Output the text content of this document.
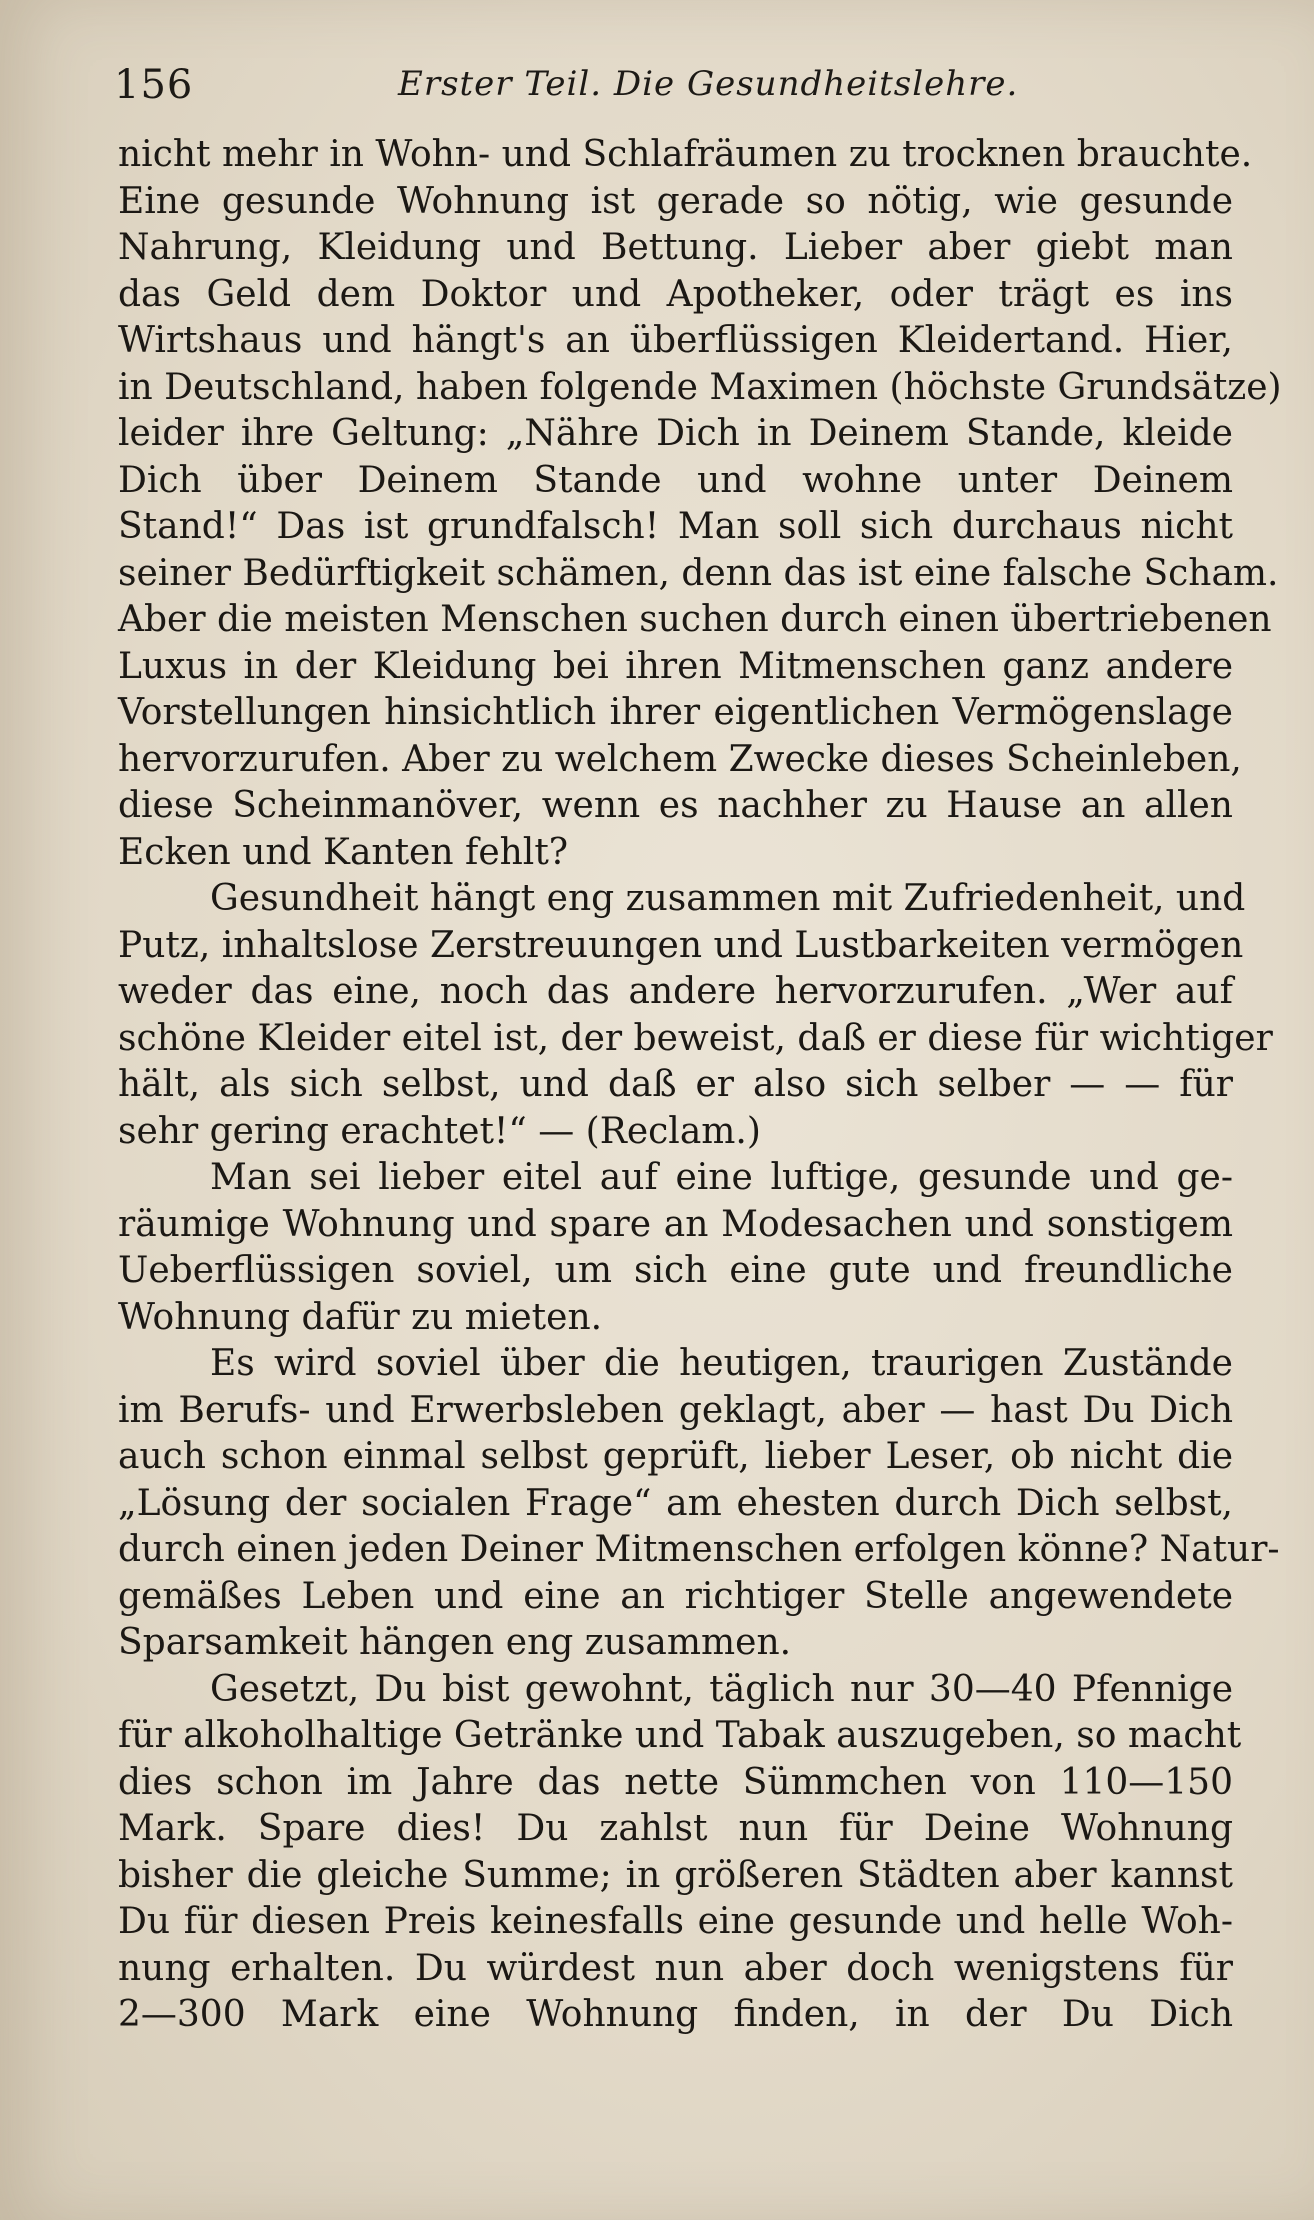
156	Erster Teil. Die Gesundheitslehre.

nicht mehr in Wohn- und Schlafräumen zu trocknen brauchte.
Eine gesunde Wohnung ist gerade so nötig, wie gesunde
Nahrung, Kleidung und Bettung. Lieber aber giebt man
das Geld dem Doktor und Apotheker, oder trägt es ins
Wirtshaus und hängt's an überflüssigen Kleidertand. Hier,
in Deutschland, haben folgende Maximen (höchste Grundsätze)
leider ihre Geltung: „Nähre Dich in Deinem Stande, kleide
Dich über Deinem Stande und wohne unter Deinem
Stand!“ Das ist grundfalsch! Man soll sich durchaus nicht
seiner Bedürftigkeit schämen, denn das ist eine falsche Scham.
Aber die meisten Menschen suchen durch einen übertriebenen
Luxus in der Kleidung bei ihren Mitmenschen ganz andere
Vorstellungen hinsichtlich ihrer eigentlichen Vermögenslage
hervorzurufen. Aber zu welchem Zwecke dieses Scheinleben,
diese Scheinmanöver, wenn es nachher zu Hause an allen
Ecken und Kanten fehlt?

Gesundheit hängt eng zusammen mit Zufriedenheit, und
Putz, inhaltslose Zerstreuungen und Lustbarkeiten vermögen
weder das eine, noch das andere hervorzurufen. „Wer auf
schöne Kleider eitel ist, der beweist, daß er diese für wichtiger
hält, als sich selbst, und daß er also sich selber — — für
sehr gering erachtet!“ — (Reclam.)

Man sei lieber eitel auf eine luftige, gesunde und ge-
räumige Wohnung und spare an Modesachen und sonstigem
Ueberflüssigen soviel, um sich eine gute und freundliche
Wohnung dafür zu mieten.

Es wird soviel über die heutigen, traurigen Zustände
im Berufs- und Erwerbsleben geklagt, aber — hast Du Dich
auch schon einmal selbst geprüft, lieber Leser, ob nicht die
„Lösung der socialen Frage“ am ehesten durch Dich selbst,
durch einen jeden Deiner Mitmenschen erfolgen könne? Natur-
gemäßes Leben und eine an richtiger Stelle angewendete
Sparsamkeit hängen eng zusammen.

Gesetzt, Du bist gewohnt, täglich nur 30—40 Pfennige
für alkoholhaltige Getränke und Tabak auszugeben, so macht
dies schon im Jahre das nette Sümmchen von 110—150
Mark. Spare dies! Du zahlst nun für Deine Wohnung
bisher die gleiche Summe; in größeren Städten aber kannst
Du für diesen Preis keinesfalls eine gesunde und helle Woh-
nung erhalten. Du würdest nun aber doch wenigstens für
2—300 Mark eine Wohnung finden, in der Du Dich
